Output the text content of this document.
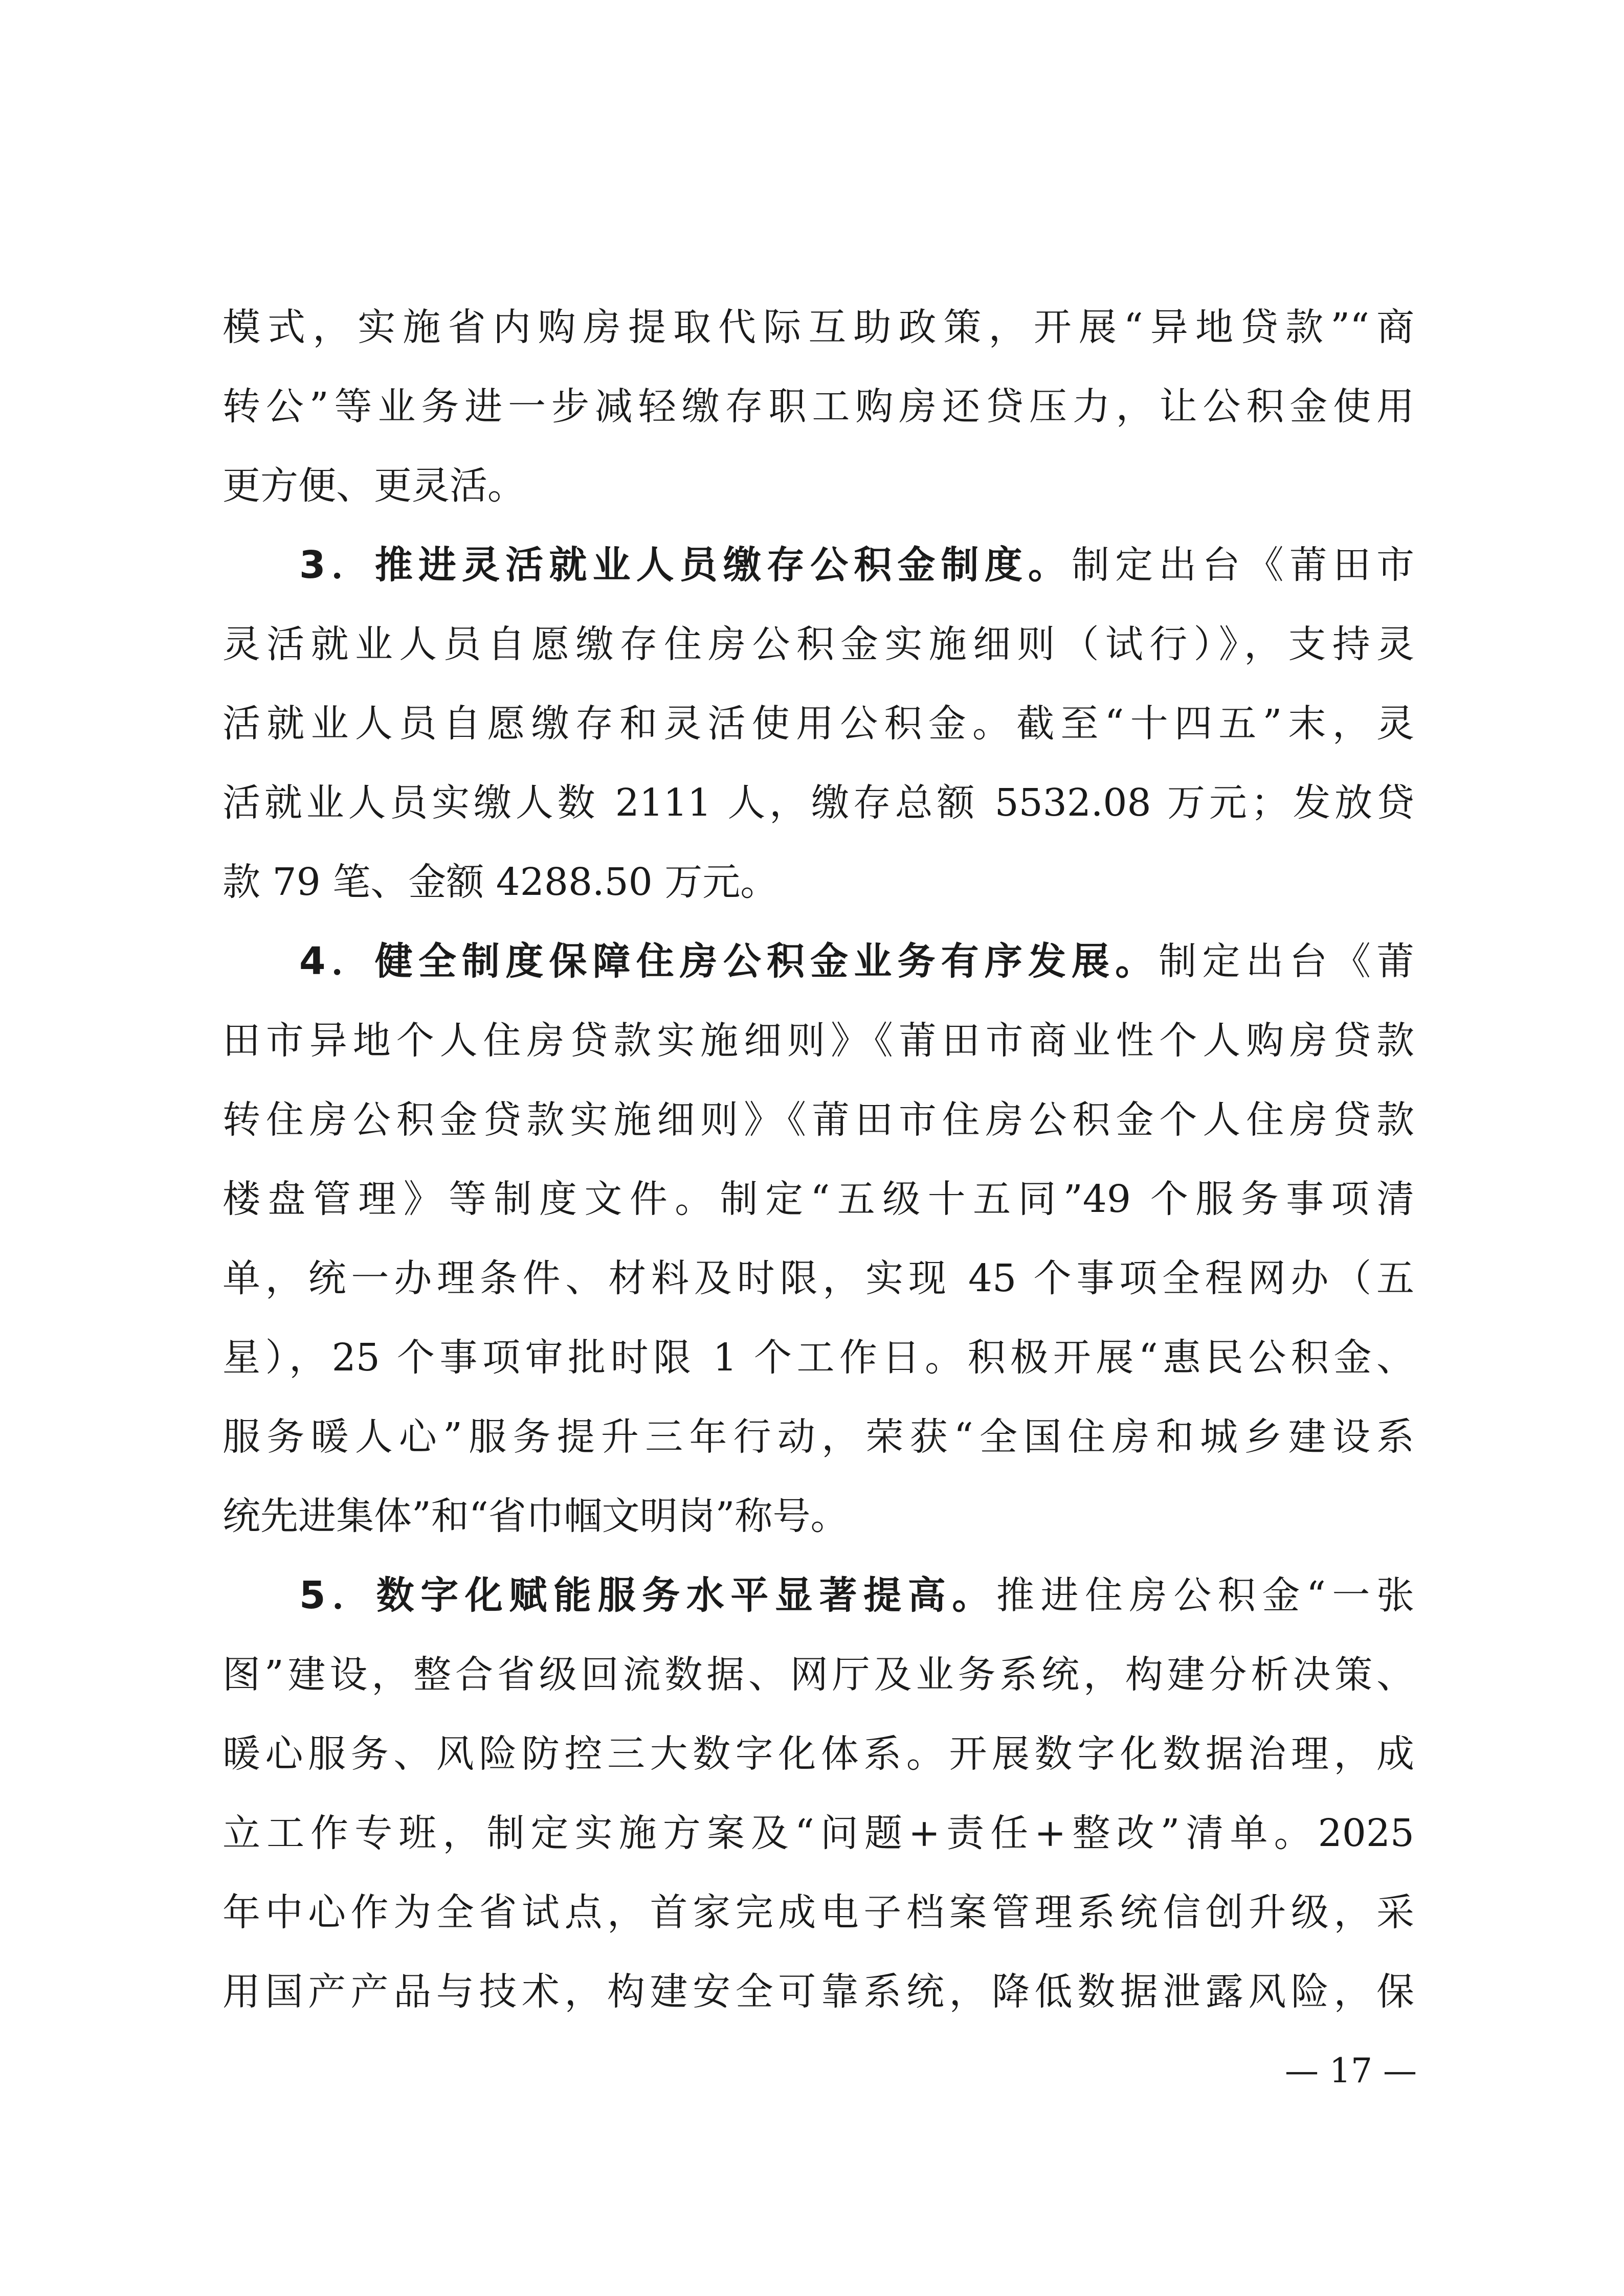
模式，实施省内购房提取代际互助政策，开展“异地贷款”“商
转公”等业务进一步减轻缴存职工购房还贷压力，让公积金使用
更方便、更灵活。
3．推进灵活就业人员缴存公积金制度。制定出台《莆田市
灵活就业人员自愿缴存住房公积金实施细则（试行）》，支持灵
活就业人员自愿缴存和灵活使用公积金。截至“十四五”末，灵
活就业人员实缴人数 2111 人，缴存总额 5532.08 万元；发放贷
款 79 笔、金额 4288.50 万元。
4．健全制度保障住房公积金业务有序发展。制定出台《莆
田市异地个人住房贷款实施细则》《莆田市商业性个人购房贷款
转住房公积金贷款实施细则》《莆田市住房公积金个人住房贷款
楼盘管理》等制度文件。制定“五级十五同”49 个服务事项清
单，统一办理条件、材料及时限，实现 45 个事项全程网办（五
星），25 个事项审批时限 1 个工作日。积极开展“惠民公积金、
服务暖人心”服务提升三年行动，荣获“全国住房和城乡建设系
统先进集体”和“省巾帼文明岗”称号。
5．数字化赋能服务水平显著提高。推进住房公积金“一张
图”建设，整合省级回流数据、网厅及业务系统，构建分析决策、
暖心服务、风险防控三大数字化体系。开展数字化数据治理，成
立工作专班，制定实施方案及“问题+责任+整改”清单。2025
年中心作为全省试点，首家完成电子档案管理系统信创升级，采
用国产产品与技术，构建安全可靠系统，降低数据泄露风险，保
— 17 —
